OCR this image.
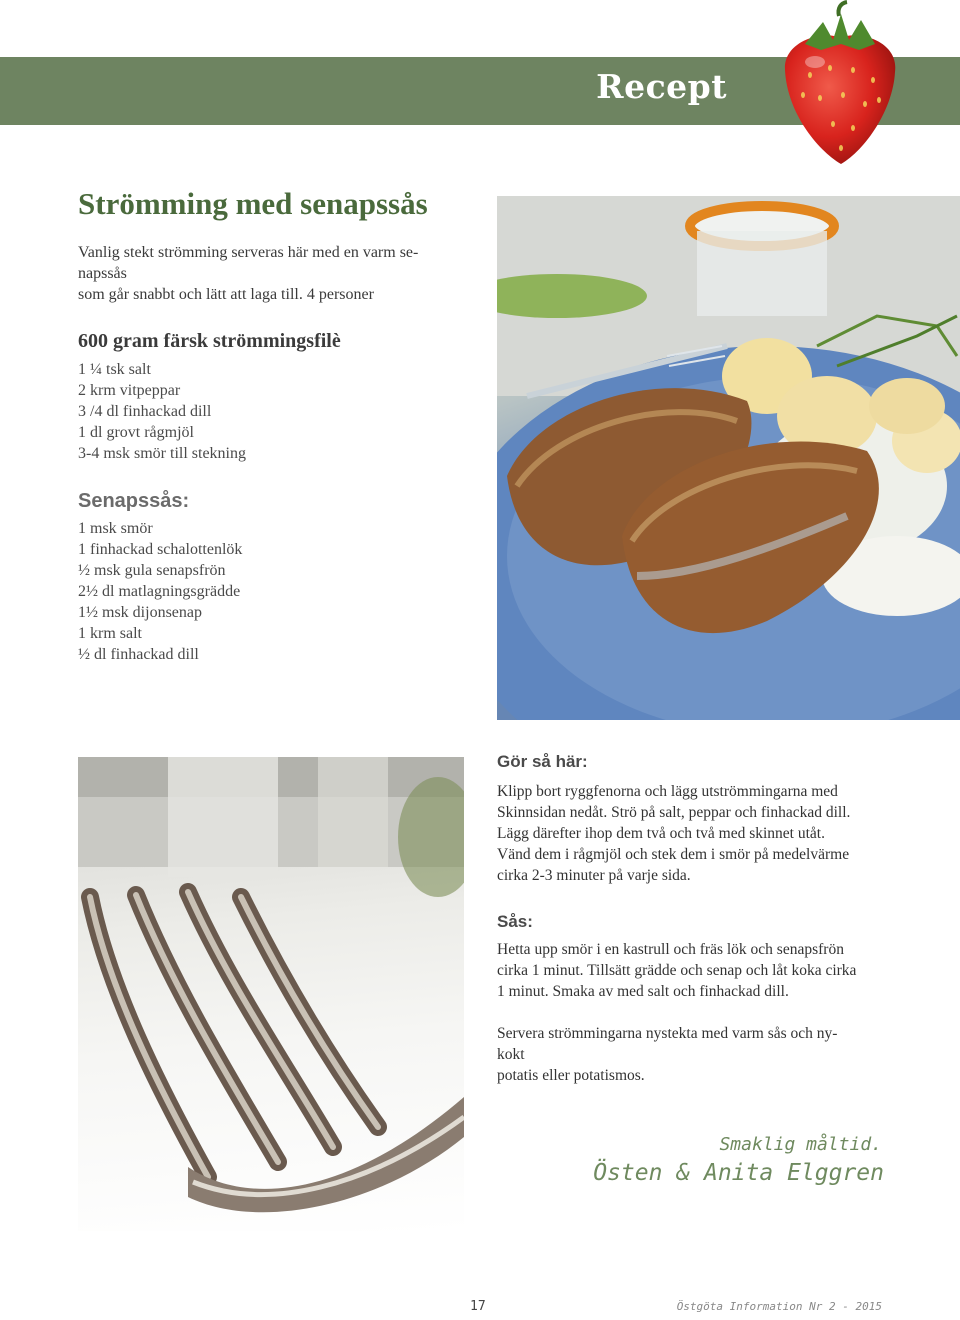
Recept
Strömming med senapssås
Vanlig stekt strömming serveras här med en varm se-
napssås
som går snabbt och lätt att laga till. 4 personer
600 gram färsk strömmingsfilè
1 ¼ tsk salt
2 krm vitpeppar
3 /4 dl finhackad dill
1 dl grovt rågmjöl
3-4 msk smör till stekning
Senapssås:
1 msk smör
1 finhackad schalottenlök
½ msk gula senapsfrön
2½ dl matlagningsgrädde
1½ msk dijonsenap
1 krm salt
½ dl finhackad dill
Gör så här:
Klipp bort ryggfenorna och lägg utströmmingarna med
Skinnsidan nedåt. Strö på salt, peppar och finhackad dill.
Lägg därefter ihop dem två och två med skinnet utåt.
Vänd dem i rågmjöl och stek dem i smör på medelvärme
cirka 2-3 minuter på varje sida.
Sås:
Hetta upp smör i en kastrull och fräs lök och senapsfrön
cirka 1 minut. Tillsätt grädde och senap och låt koka cirka
1 minut. Smaka av med salt och finhackad dill.
Servera strömmingarna nystekta med varm sås och ny-
kokt
potatis eller potatismos.
Smaklig måltid.
Östen & Anita Elggren
17	Östgöta Information Nr 2 - 2015
